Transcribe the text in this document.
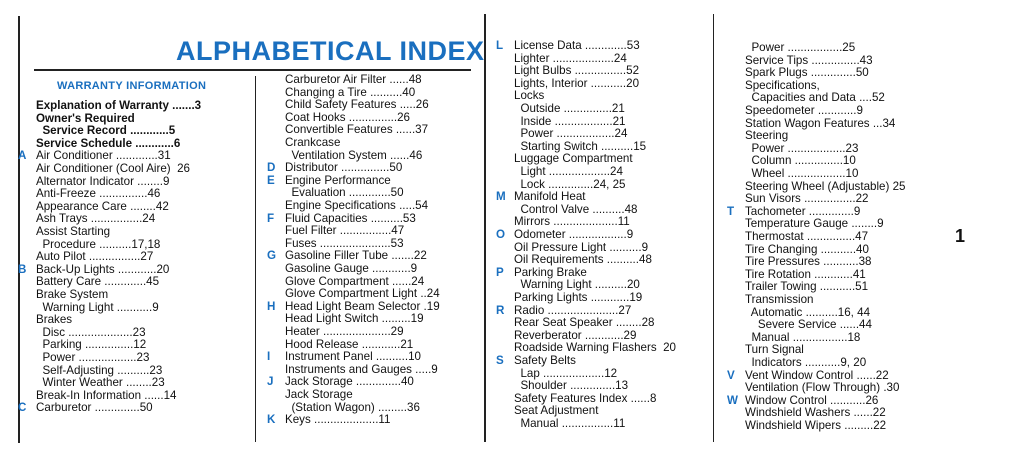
ALPHABETICAL INDEX
WARRANTY INFORMATION
1
Explanation of Warranty .......3
Owner's Required
Service Record ............5
Service Schedule ............6
Air Conditioner .............31
A
Air Conditioner (Cool Aire)  26
Alternator Indicator ........9
Anti-Freeze ...............46
Appearance Care ........42
Ash Trays ................24
Assist Starting
Procedure ..........17,18
Auto Pilot ................27
Back-Up Lights ............20
B
Battery Care .............45
Brake System
Warning Light ...........9
Brakes
Disc ....................23
Parking ...............12
Power ..................23
Self-Adjusting ..........23
Winter Weather ........23
Break-In Information ......14
Carburetor ..............50
C
Carburetor Air Filter ......48
Changing a Tire ..........40
Child Safety Features .....26
Coat Hooks ...............26
Convertible Features ......37
Crankcase
Ventilation System ......46
Distributor ...............50
D
Engine Performance
E
Evaluation .............50
Engine Specifications .....54
Fluid Capacities ..........53
F
Fuel Filter ................47
Fuses ......................53
Gasoline Filler Tube .......22
G
Gasoline Gauge ............9
Glove Compartment ......24
Glove Compartment Light ..24
Head Light Beam Selector .19
H
Head Light Switch .........19
Heater .....................29
Hood Release ............21
Instrument Panel ..........10
I
Instruments and Gauges .....9
Jack Storage ..............40
J
Jack Storage
(Station Wagon) .........36
Keys ....................11
K
License Data .............53
L
Lighter ...................24
Light Bulbs ................52
Lights, Interior ...........20
Locks
Outside ...............21
Inside ..................21
Power ..................24
Starting Switch ..........15
Luggage Compartment
Light ...................24
Lock ..............24, 25
Manifold Heat
M
Control Valve ..........48
Mirrors ....................11
Odometer ..................9
O
Oil Pressure Light ..........9
Oil Requirements ..........48
Parking Brake
P
Warning Light ..........20
Parking Lights ............19
Radio ......................27
R
Rear Seat Speaker ........28
Reverberator ............29
Roadside Warning Flashers  20
Safety Belts
S
Lap ...................12
Shoulder ..............13
Safety Features Index ......8
Seat Adjustment
Manual ................11
Power .................25
Service Tips ...............43
Spark Plugs ..............50
Specifications,
Capacities and Data ....52
Speedometer ............9
Station Wagon Features ...34
Steering
Power ..................23
Column ...............10
Wheel ..................10
Steering Wheel (Adjustable) 25
Sun Visors ................22
Tachometer ..............9
T
Temperature Gauge ........9
Thermostat ...............47
Tire Changing ...........40
Tire Pressures ...........38
Tire Rotation ............41
Trailer Towing ...........51
Transmission
Automatic ..........16, 44
Severe Service ......44
Manual .................18
Turn Signal
Indicators ...........9, 20
Vent Window Control ......22
V
Ventilation (Flow Through) .30
Window Control ...........26
W
Windshield Washers ......22
Windshield Wipers .........22
